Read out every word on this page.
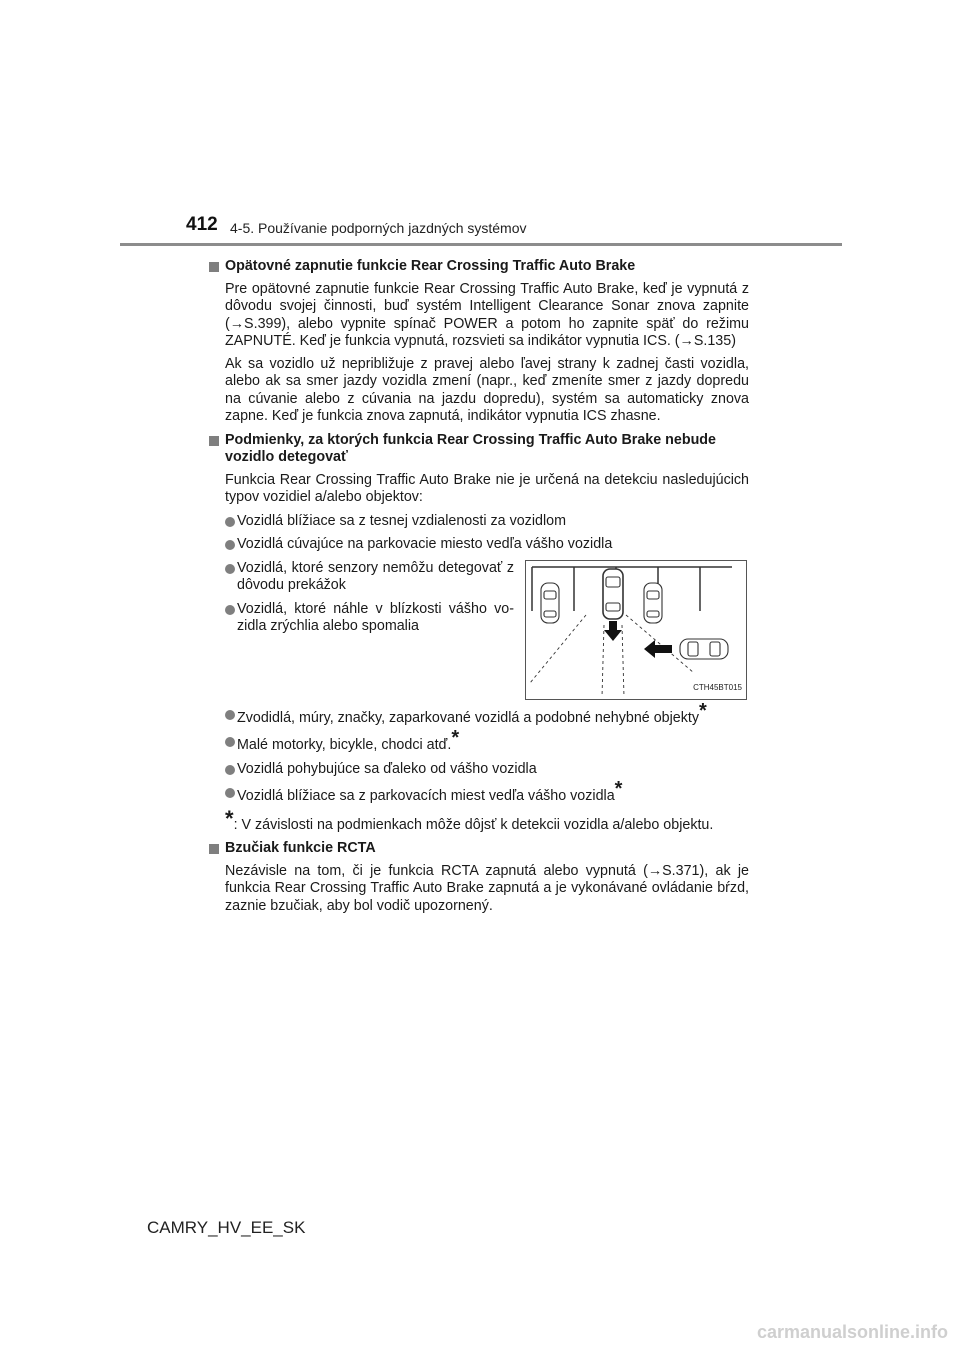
412 4-5. Používanie podporných jazdných systémov
Opätovné zapnutie funkcie Rear Crossing Traffic Auto Brake
Pre opätovné zapnutie funkcie Rear Crossing Traffic Auto Brake, keď je vypnutá z dôvodu svojej činnosti, buď systém Intelligent Clearance Sonar znova zapnite (→S.399), alebo vypnite spínač POWER a potom ho zapnite späť do režimu ZAPNUTÉ. Keď je funkcia vypnutá, rozsvieti sa indikátor vypnutia ICS. (→S.135)
Ak sa vozidlo už nepribližuje z pravej alebo ľavej strany k zadnej časti vozidla, alebo ak sa smer jazdy vozidla zmení (napr., keď zmeníte smer z jazdy dopredu na cúvanie alebo z cúvania na jazdu dopredu), systém sa automaticky znova zapne. Keď je funkcia znova zapnutá, indikátor vypnutia ICS zhasne.
Podmienky, za ktorých funkcia Rear Crossing Traffic Auto Brake nebude vozidlo detegovať
Funkcia Rear Crossing Traffic Auto Brake nie je určená na detekciu nasledujúcich typov vozidiel a/alebo objektov:
Vozidlá blížiace sa z tesnej vzdialenosti za vozidlom
Vozidlá cúvajúce na parkovacie miesto vedľa vášho vozidla
Vozidlá, ktoré senzory nemôžu detegovať z dôvodu prekážok
Vozidlá, ktoré náhle v blízkosti vášho vozidla zrýchlia alebo spomalia
CTH45BT015
Zvodidlá, múry, značky, zaparkované vozidlá a podobné nehybné objekty*
Malé motorky, bicykle, chodci atď.*
Vozidlá pohybujúce sa ďaleko od vášho vozidla
Vozidlá blížiace sa z parkovacích miest vedľa vášho vozidla*
*: V závislosti na podmienkach môže dôjsť k detekcii vozidla a/alebo objektu.
Bzučiak funkcie RCTA
Nezávisle na tom, či je funkcia RCTA zapnutá alebo vypnutá (→S.371), ak je funkcia Rear Crossing Traffic Auto Brake zapnutá a je vykonávané ovládanie bŕzd, zaznie bzučiak, aby bol vodič upozornený.
CAMRY_HV_EE_SK
carmanualsonline.info
